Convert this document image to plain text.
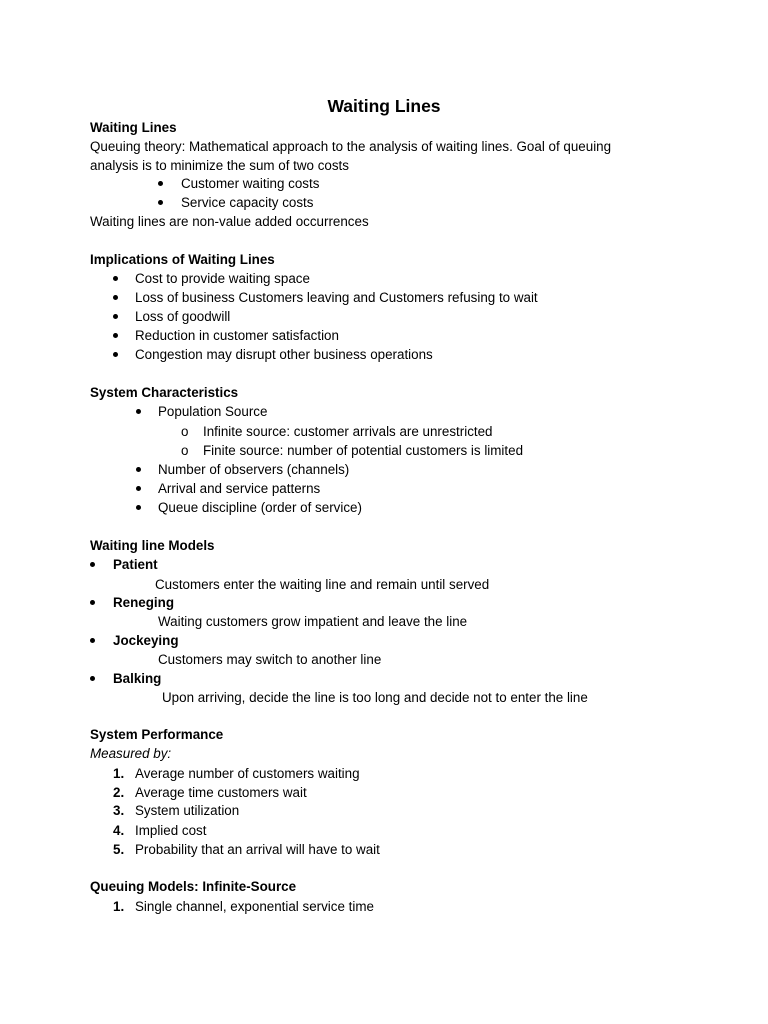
Waiting Lines
Waiting Lines
Queuing theory: Mathematical approach to the analysis of waiting lines. Goal of queuing
analysis is to minimize the sum of two costs
Customer waiting costs
Service capacity costs
Waiting lines are non-value added occurrences
Implications of Waiting Lines
Cost to provide waiting space
Loss of business Customers leaving and Customers refusing to wait
Loss of goodwill
Reduction in customer satisfaction
Congestion may disrupt other business operations
System Characteristics
Population Source
o Infinite source: customer arrivals are unrestricted
o Finite source: number of potential customers is limited
Number of observers (channels)
Arrival and service patterns
Queue discipline (order of service)
Waiting line Models
Patient
Customers enter the waiting line and remain until served
Reneging
Waiting customers grow impatient and leave the line
Jockeying
Customers may switch to another line
Balking
Upon arriving, decide the line is too long and decide not to enter the line
System Performance
Measured by:
1. Average number of customers waiting
2. Average time customers wait
3. System utilization
4. Implied cost
5. Probability that an arrival will have to wait
Queuing Models: Infinite-Source
1. Single channel, exponential service time
